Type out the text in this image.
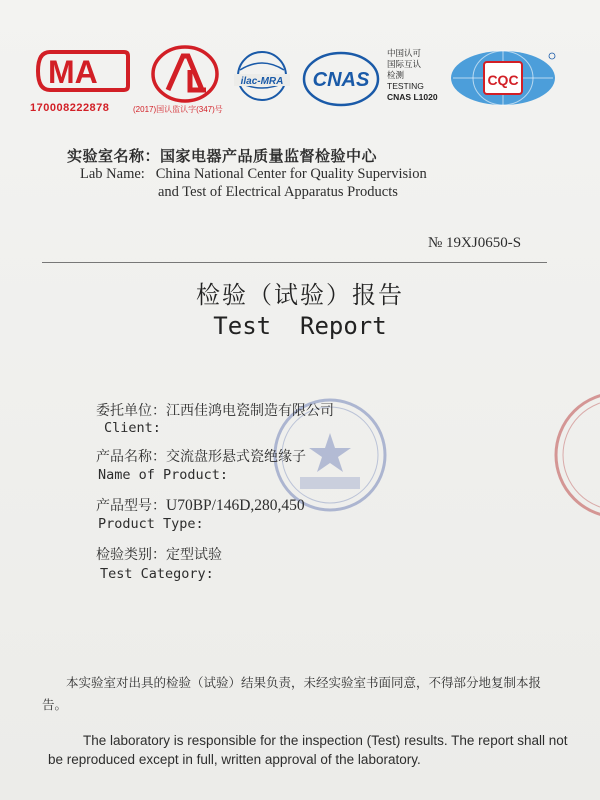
MA
170008222878	(2017)国认监认字(347)号
ilac-MRA CNAS
中国认可
国际互认
检测
TESTING
CNAS L1020
CQC
实验室名称：国家电器产品质量监督检验中心
Lab Name:   China National Center for Quality Supervision
and Test of Electrical Apparatus Products
№ 19XJ0650-S
检验（试验）报告
Test  Report
委托单位：江西佳鸿电瓷制造有限公司
Client:
产品名称：交流盘形悬式瓷绝缘子
Name of Product:
产品型号：U70BP/146D,280,450
Product Type:
检验类别：定型试验
Test Category:
本实验室对出具的检验（试验）结果负责，未经实验室书面同意，不得部分地复制本报告。
The laboratory is responsible for the inspection (Test) results. The report shall not be reproduced except in full, written approval of the laboratory.
